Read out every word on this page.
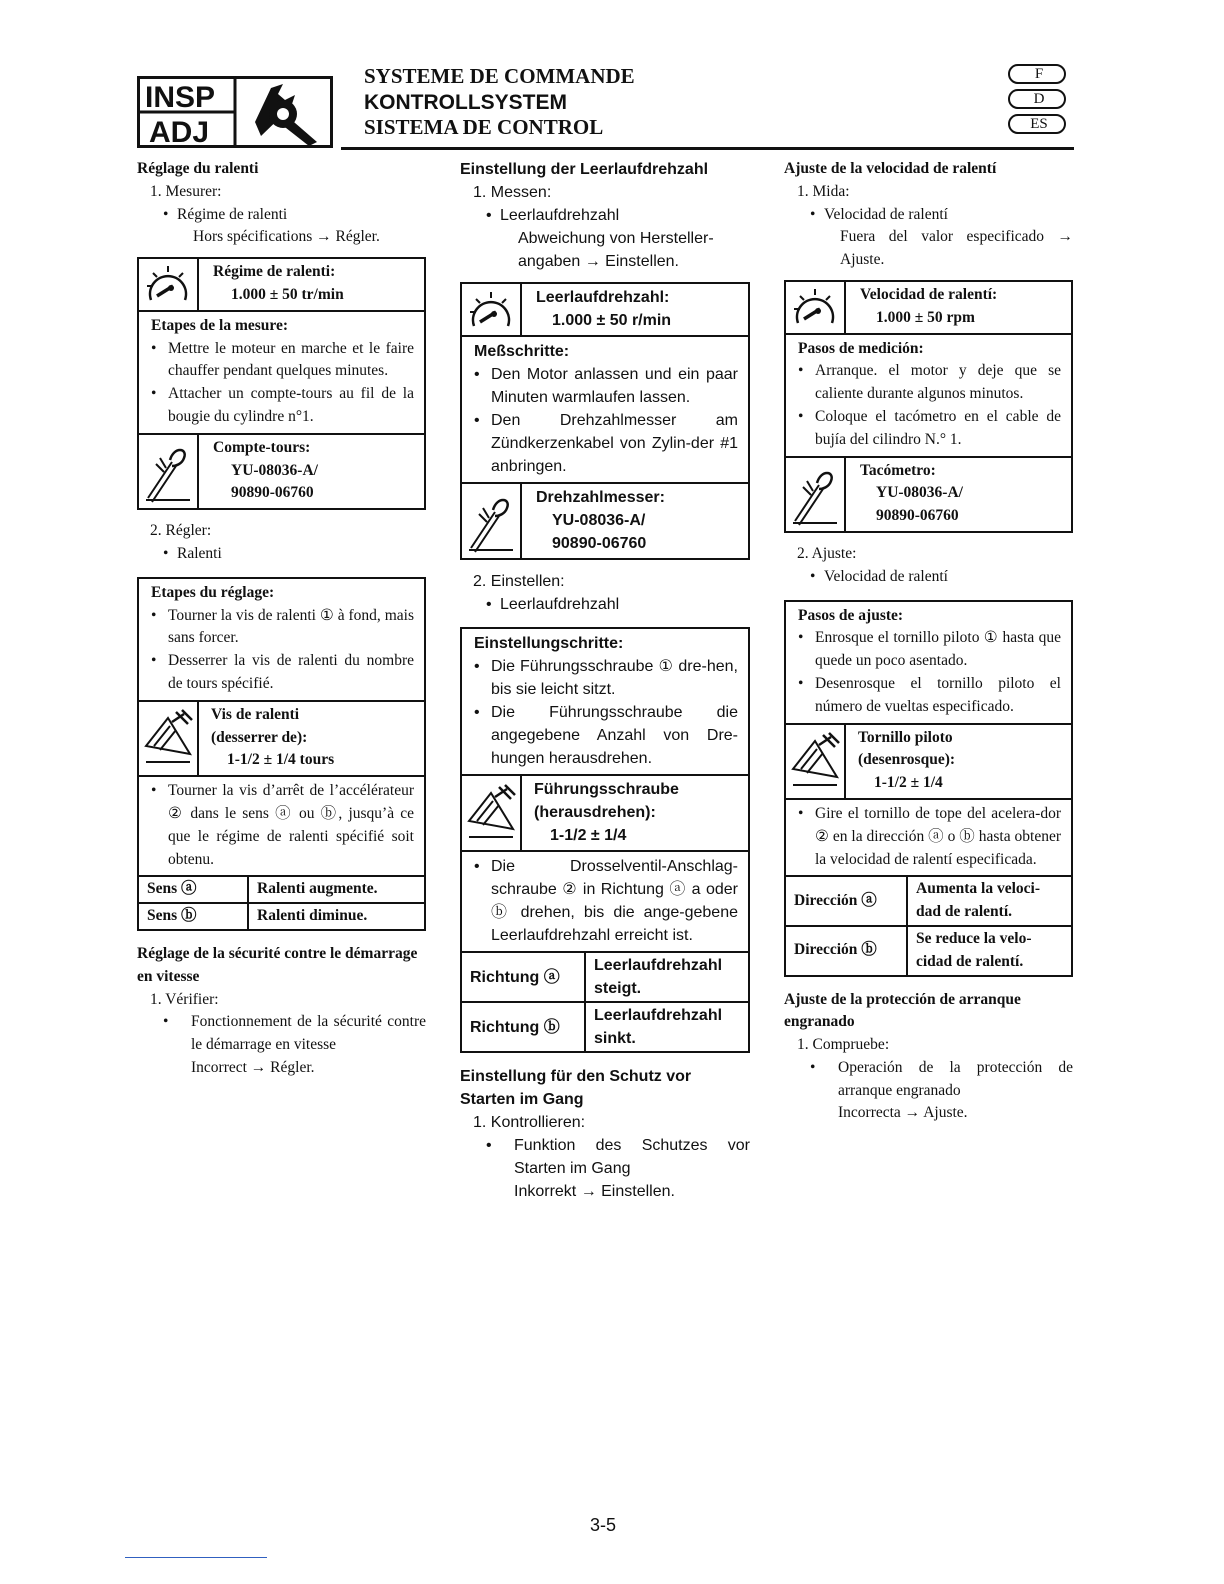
INSP
ADJ
SYSTEME DE COMMANDE
KONTROLLSYSTEM
SISTEMA DE CONTROL
F
D
ES
Réglage du ralenti
1. Mesurer:
• Régime de ralenti
Hors spécifications → Régler.
Régime de ralenti:
1.000 ± 50 tr/min
Etapes de la mesure:
• Mettre le moteur en marche et le faire chauffer pendant quelques minutes.
• Attacher un compte-tours au fil de la bougie du cylindre n°1.
Compte-tours:
YU-08036-A/
90890-06760
2. Régler:
• Ralenti
Etapes du réglage:
• Tourner la vis de ralenti ① à fond, mais sans forcer.
• Desserrer la vis de ralenti du nombre de tours spécifié.
Vis de ralenti
(desserrer de):
1-1/2 ± 1/4 tours
• Tourner la vis d’arrêt de l’accélérateur ② dans le sens ⓐ ou ⓑ, jusqu’à ce que le régime de ralenti spécifié soit obtenu.
Sens ⓐ	Ralenti augmente.
Sens ⓑ	Ralenti diminue.
Réglage de la sécurité contre le démarrage en vitesse
1. Vérifier:
• Fonctionnement de la sécurité contre le démarrage en vitesse
Incorrect → Régler.
Einstellung der Leerlaufdrehzahl
1. Messen:
• Leerlaufdrehzahl
Abweichung von Hersteller-angaben → Einstellen.
Leerlaufdrehzahl:
1.000 ± 50 r/min
Meßschritte:
• Den Motor anlassen und ein paar Minuten warmlaufen lassen.
• Den Drehzahlmesser am Zündkerzenkabel von Zylin-der #1 anbringen.
Drehzahlmesser:
YU-08036-A/
90890-06760
2. Einstellen:
• Leerlaufdrehzahl
Einstellungschritte:
• Die Führungsschraube ① dre-hen, bis sie leicht sitzt.
• Die Führungsschraube die angegebene Anzahl von Dre-hungen herausdrehen.
Führungsschraube
(herausdrehen):
1-1/2 ± 1/4
• Die Drosselventil-Anschlag-schraube ② in Richtung ⓐ a oder ⓑ drehen, bis die ange-gebene Leerlaufdrehzahl erreicht ist.
Richtung ⓐ	Leerlaufdrehzahl steigt.
Richtung ⓑ	Leerlaufdrehzahl sinkt.
Einstellung für den Schutz vor Starten im Gang
1. Kontrollieren:
• Funktion des Schutzes vor Starten im Gang
Inkorrekt → Einstellen.
Ajuste de la velocidad de ralentí
1. Mida:
• Velocidad de ralentí
Fuera del valor especificado → Ajuste.
Velocidad de ralentí:
1.000 ± 50 rpm
Pasos de medición:
• Arranque. el motor y deje que se caliente durante algunos minutos.
• Coloque el tacómetro en el cable de bujía del cilindro N.° 1.
Tacómetro:
YU-08036-A/
90890-06760
2. Ajuste:
• Velocidad de ralentí
Pasos de ajuste:
• Enrosque el tornillo piloto ① hasta que quede un poco asentado.
• Desenrosque el tornillo piloto el número de vueltas especificado.
Tornillo piloto
(desenrosque):
1-1/2 ± 1/4
• Gire el tornillo de tope del acelera-dor ② en la dirección ⓐ o ⓑ hasta obtener la velocidad de ralentí especificada.
Dirección ⓐ	Aumenta la veloci-dad de ralentí.
Dirección ⓑ	Se reduce la velo-cidad de ralentí.
Ajuste de la protección de arranque engranado
1. Compruebe:
• Operación de la protección de arranque engranado
Incorrecta → Ajuste.
3-5
